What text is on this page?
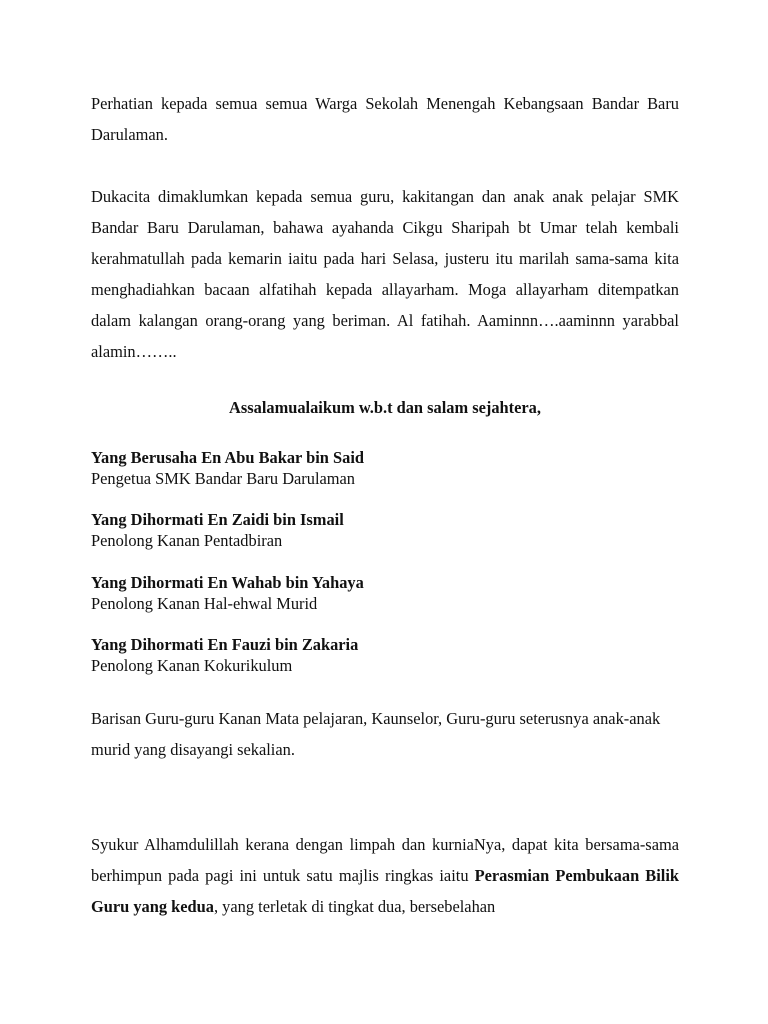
Perhatian kepada semua semua Warga Sekolah Menengah Kebangsaan Bandar Baru Darulaman.

Dukacita dimaklumkan kepada semua guru, kakitangan dan anak anak pelajar SMK Bandar Baru Darulaman, bahawa ayahanda Cikgu Sharipah bt Umar telah kembali kerahmatullah pada kemarin iaitu pada hari Selasa, justeru itu marilah sama-sama kita menghadiahkan bacaan alfatihah kepada allayarham. Moga allayarham ditempatkan dalam kalangan orang-orang yang beriman. Al fatihah. Aaminnn….aaminnn yarabbal alamin……..

Assalamualaikum w.b.t dan salam sejahtera,

Yang Berusaha En Abu Bakar bin Said
Pengetua SMK Bandar Baru Darulaman
Yang Dihormati En Zaidi bin Ismail
Penolong Kanan Pentadbiran
Yang Dihormati En Wahab bin Yahaya
Penolong Kanan Hal-ehwal Murid
Yang Dihormati En Fauzi bin Zakaria
Penolong Kanan Kokurikulum

Barisan Guru-guru Kanan Mata pelajaran, Kaunselor, Guru-guru seterusnya anak-anak murid yang disayangi sekalian.

Syukur Alhamdulillah kerana dengan limpah dan kurniaNya, dapat kita bersama-sama berhimpun pada pagi ini untuk satu majlis ringkas iaitu Perasmian Pembukaan Bilik Guru yang kedua, yang terletak di tingkat dua, bersebelahan
